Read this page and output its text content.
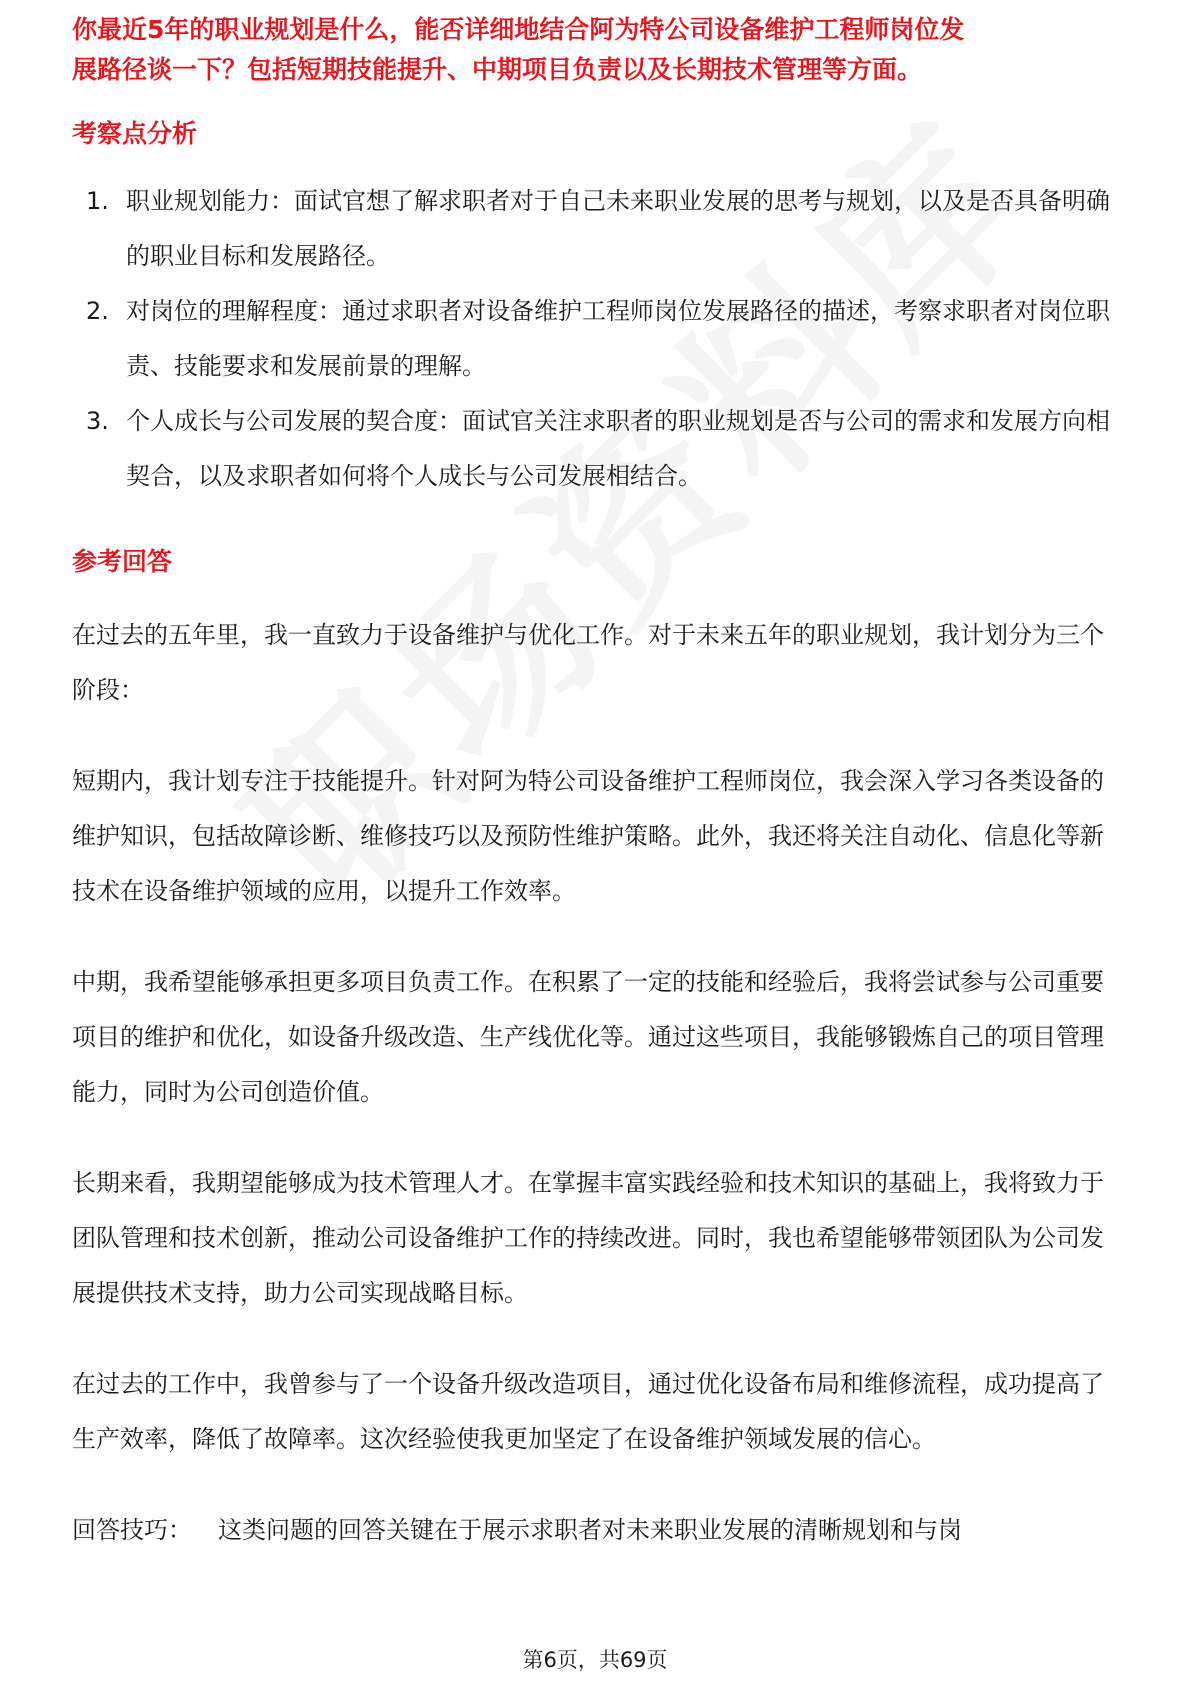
你最近5年的职业规划是什么，能否详细地结合阿为特公司设备维护工程师岗位发
展路径谈一下？包括短期技能提升、中期项目负责以及长期技术管理等方面。

考察点分析
1. 职业规划能力：面试官想了解求职者对于自己未来职业发展的思考与规划，以及是否具备明确的职业目标和发展路径。
2. 对岗位的理解程度：通过求职者对设备维护工程师岗位发展路径的描述，考察求职者对岗位职责、技能要求和发展前景的理解。
3. 个人成长与公司发展的契合度：面试官关注求职者的职业规划是否与公司的需求和发展方向相契合，以及求职者如何将个人成长与公司发展相结合。
参考回答

在过去的五年里，我一直致力于设备维护与优化工作。对于未来五年的职业规划，我计划分为三个阶段：

短期内，我计划专注于技能提升。针对阿为特公司设备维护工程师岗位，我会深入学习各类设备的维护知识，包括故障诊断、维修技巧以及预防性维护策略。此外，我还将关注自动化、信息化等新技术在设备维护领域的应用，以提升工作效率。

中期，我希望能够承担更多项目负责工作。在积累了一定的技能和经验后，我将尝试参与公司重要项目的维护和优化，如设备升级改造、生产线优化等。通过这些项目，我能够锻炼自己的项目管理能力，同时为公司创造价值。

长期来看，我期望能够成为技术管理人才。在掌握丰富实践经验和技术知识的基础上，我将致力于团队管理和技术创新，推动公司设备维护工作的持续改进。同时，我也希望能够带领团队为公司发展提供技术支持，助力公司实现战略目标。

在过去的工作中，我曾参与了一个设备升级改造项目，通过优化设备布局和维修流程，成功提高了生产效率，降低了故障率。这次经验使我更加坚定了在设备维护领域发展的信心。

回答技巧： 这类问题的回答关键在于展示求职者对未来职业发展的清晰规划和与岗

第6页，共69页
